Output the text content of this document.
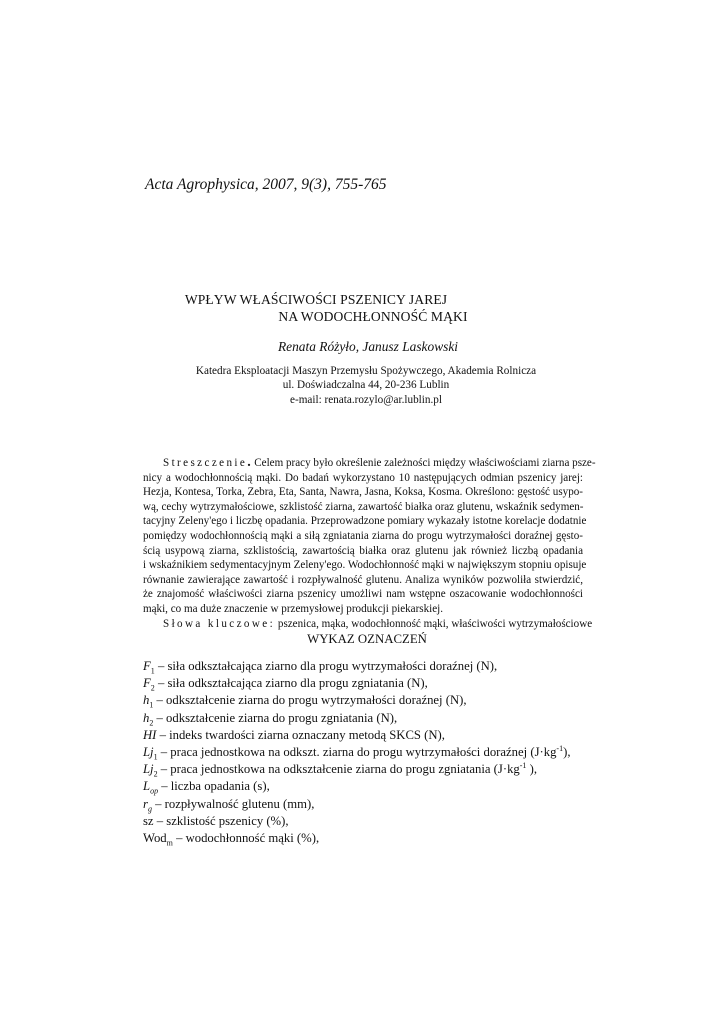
Acta Agrophysica, 2007, 9(3), 755-765
WPŁYW WŁAŚCIWOŚCI PSZENICY JAREJ
NA WODOCHŁONNOŚĆ MĄKI
Renata Różyło, Janusz Laskowski
Katedra Eksploatacji Maszyn Przemysłu Spożywczego, Akademia Rolnicza
ul. Doświadczalna 44, 20-236 Lublin
e-mail: renata.rozylo@ar.lublin.pl
Streszczenie. Celem pracy było określenie zależności między właściwościami ziarna psze-
nicy a wodochłonnością mąki. Do badań wykorzystano 10 następujących odmian pszenicy jarej:
Hezja, Kontesa, Torka, Zebra, Eta, Santa, Nawra, Jasna, Koksa, Kosma. Określono: gęstość usypo-
wą, cechy wytrzymałościowe, szklistość ziarna, zawartość białka oraz glutenu, wskaźnik sedymen-
tacyjny Zeleny'ego i liczbę opadania. Przeprowadzone pomiary wykazały istotne korelacje dodatnie
pomiędzy wodochłonnością mąki a siłą zgniatania ziarna do progu wytrzymałości doraźnej gęsto-
ścią usypową ziarna, szklistością, zawartością białka oraz glutenu jak również liczbą opadania
i wskaźnikiem sedymentacyjnym Zeleny'ego. Wodochłonność mąki w największym stopniu opisuje
równanie zawierające zawartość i rozpływalność glutenu. Analiza wyników pozwoliła stwierdzić,
że znajomość właściwości ziarna pszenicy umożliwi nam wstępne oszacowanie wodochłonności
mąki, co ma duże znaczenie w przemysłowej produkcji piekarskiej.
Słowa kluczowe: pszenica, mąka, wodochłonność mąki, właściwości wytrzymałościowe
WYKAZ OZNACZEŃ
$F_1$ – siła odkształcająca ziarno dla progu wytrzymałości doraźnej (N),
$F_2$ – siła odkształcająca ziarno dla progu zgniatania (N),
$h_1$ – odkształcenie ziarna do progu wytrzymałości doraźnej (N),
$h_2$ – odkształcenie ziarna do progu zgniatania (N),
HI – indeks twardości ziarna oznaczany metodą SKCS (N),
$Lj_1$ – praca jednostkowa na odkszt. ziarna do progu wytrzymałości doraźnej $(J\cdot kg^{-1})$,
$Lj_2$ – praca jednostkowa na odkształcenie ziarna do progu zgniatania ($J\cdot kg^{-1}$ ),
$L_{op}$ – liczba opadania (s),
$r_g$ – rozpływalność glutenu (mm),
sz – szklistość pszenicy (%),
Wod$_m$ – wodochłonność mąki (%),
